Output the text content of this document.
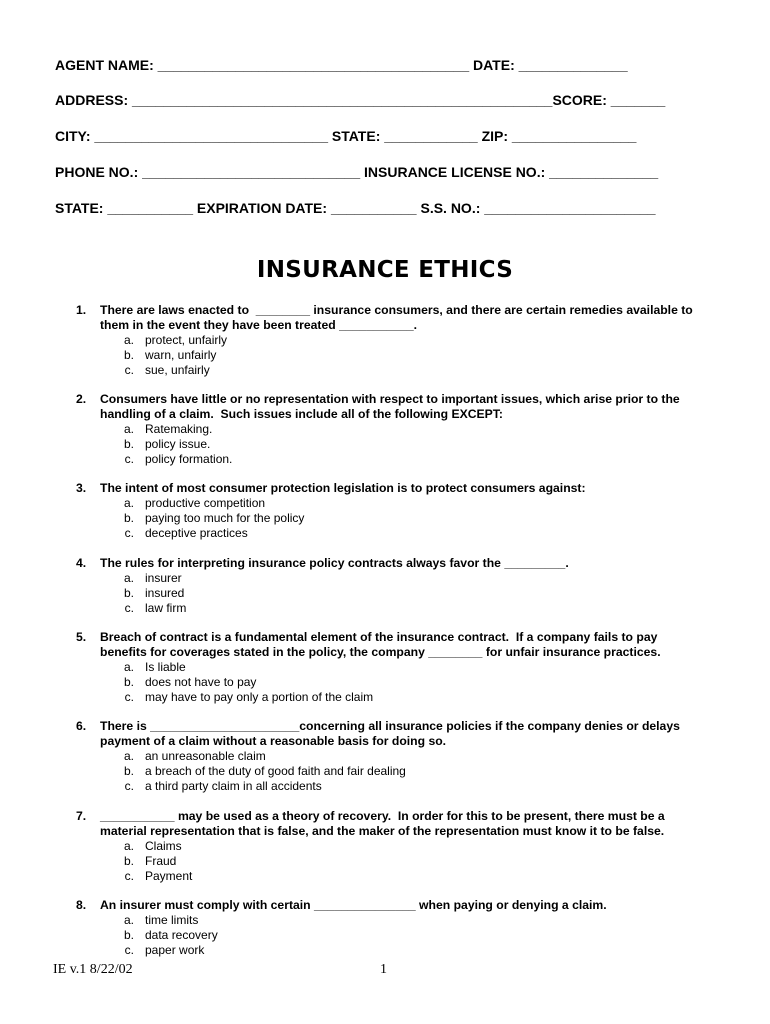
AGENT NAME: ________________________________________ DATE: ______________
ADDRESS: ______________________________________________________SCORE: _______
CITY: ______________________________ STATE: ____________ ZIP: ________________
PHONE NO.: ____________________________ INSURANCE LICENSE NO.: ______________
STATE: ___________ EXPIRATION DATE: ___________ S.S. NO.: ______________________
INSURANCE ETHICS
1. There are laws enacted to  ________ insurance consumers, and there are certain remedies available to
them in the event they have been treated ___________.
a. protect, unfairly
b. warn, unfairly
c. sue, unfairly
2. Consumers have little or no representation with respect to important issues, which arise prior to the
handling of a claim.  Such issues include all of the following EXCEPT:
a. Ratemaking.
b. policy issue.
c. policy formation.
3. The intent of most consumer protection legislation is to protect consumers against:
a. productive competition
b. paying too much for the policy
c. deceptive practices
4. The rules for interpreting insurance policy contracts always favor the _________.
a. insurer
b. insured
c. law firm
5. Breach of contract is a fundamental element of the insurance contract.  If a company fails to pay
benefits for coverages stated in the policy, the company ________ for unfair insurance practices.
a. Is liable
b. does not have to pay
c. may have to pay only a portion of the claim
6. There is ______________________concerning all insurance policies if the company denies or delays
payment of a claim without a reasonable basis for doing so.
a. an unreasonable claim
b. a breach of the duty of good faith and fair dealing
c. a third party claim in all accidents
7. ___________ may be used as a theory of recovery.  In order for this to be present, there must be a
material representation that is false, and the maker of the representation must know it to be false.
a. Claims
b. Fraud
c. Payment
8. An insurer must comply with certain _______________ when paying or denying a claim.
a. time limits
b. data recovery
c. paper work
IE v.1 8/22/02	1
